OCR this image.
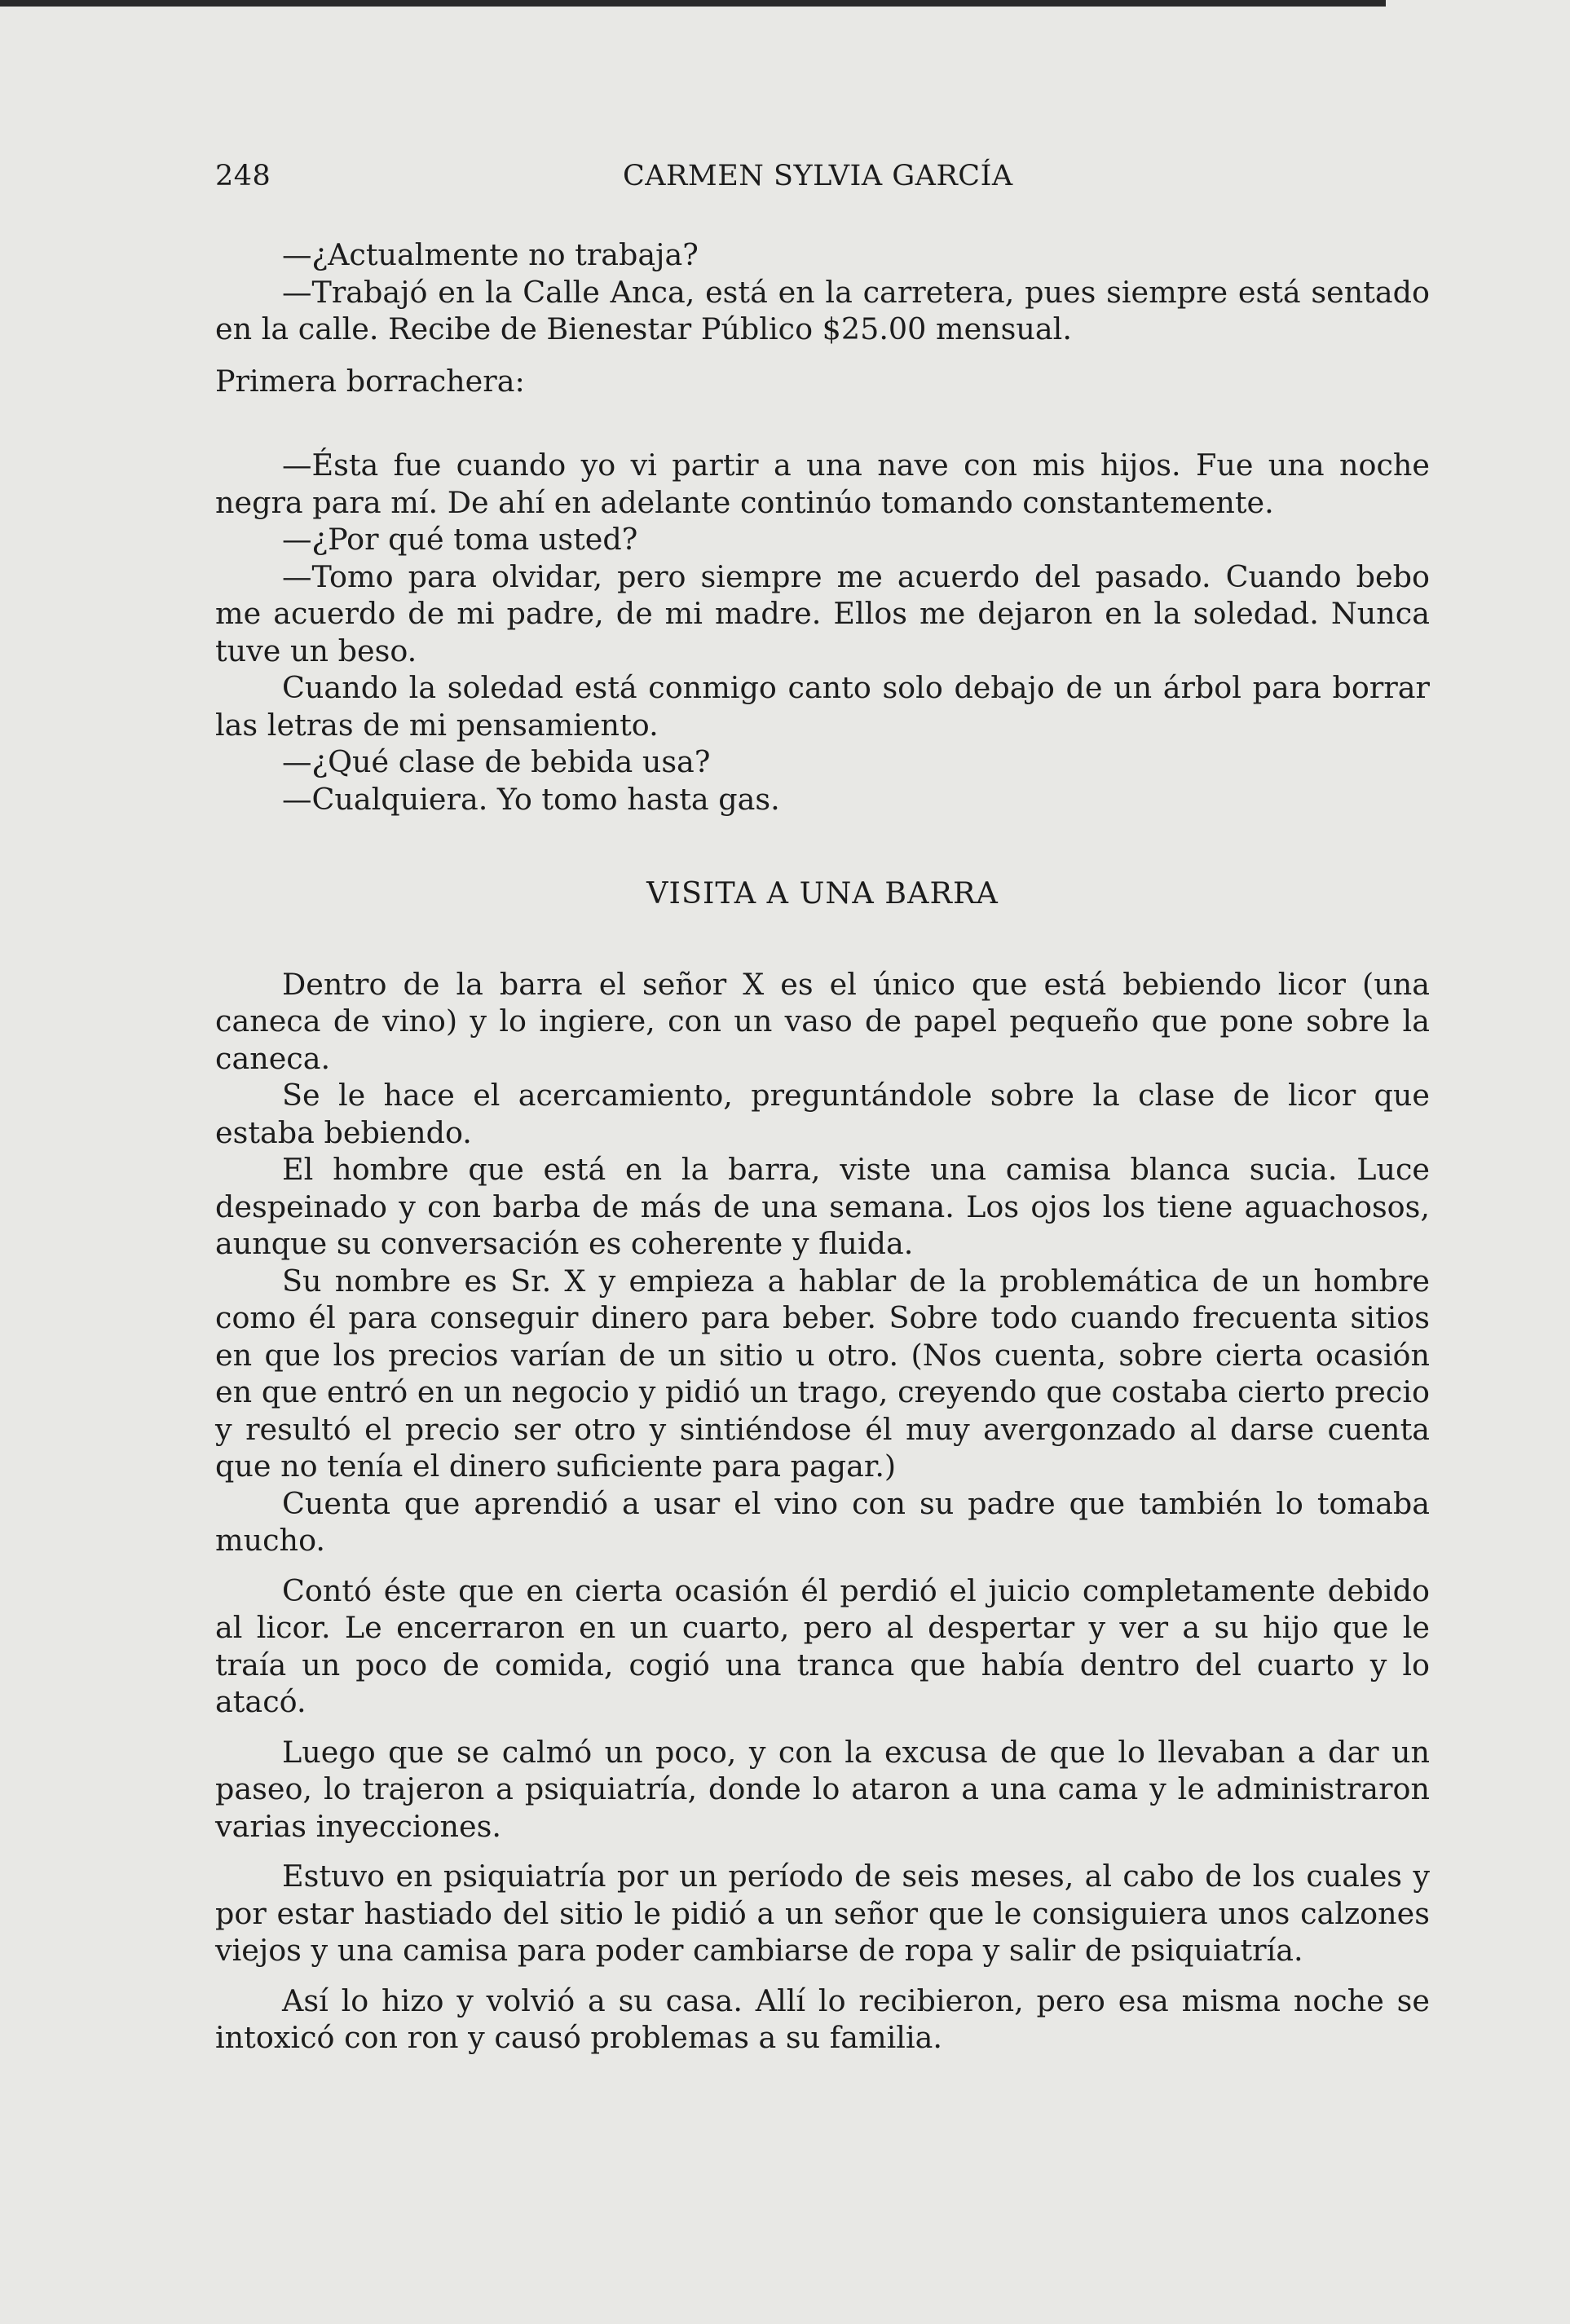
248	CARMEN SYLVIA GARCÍA

—¿Actualmente no trabaja?

—Trabajó en la Calle Anca, está en la carretera, pues siempre está sentado en la calle. Recibe de Bienestar Público $25.00 mensual.

Primera borrachera:

—Ésta fue cuando yo vi partir a una nave con mis hijos. Fue una noche negra para mí. De ahí en adelante continúo tomando constantemente.

—¿Por qué toma usted?

—Tomo para olvidar, pero siempre me acuerdo del pasado. Cuando bebo me acuerdo de mi padre, de mi madre. Ellos me dejaron en la soledad. Nunca tuve un beso.

Cuando la soledad está conmigo canto solo debajo de un árbol para borrar las letras de mi pensamiento.

—¿Qué clase de bebida usa?

—Cualquiera. Yo tomo hasta gas.

VISITA A UNA BARRA

Dentro de la barra el señor X es el único que está bebiendo licor (una caneca de vino) y lo ingiere, con un vaso de papel pequeño que pone sobre la caneca.

Se le hace el acercamiento, preguntándole sobre la clase de licor que estaba bebiendo.

El hombre que está en la barra, viste una camisa blanca sucia. Luce despeinado y con barba de más de una semana. Los ojos los tiene aguachosos, aunque su conversación es coherente y fluida.

Su nombre es Sr. X y empieza a hablar de la problemática de un hombre como él para conseguir dinero para beber. Sobre todo cuando frecuenta sitios en que los precios varían de un sitio u otro. (Nos cuenta, sobre cierta ocasión en que entró en un negocio y pidió un trago, creyendo que costaba cierto precio y resultó el precio ser otro y sintiéndose él muy avergonzado al darse cuenta que no tenía el dinero suficiente para pagar.)

Cuenta que aprendió a usar el vino con su padre que también lo tomaba mucho.

Contó éste que en cierta ocasión él perdió el juicio completamente debido al licor. Le encerraron en un cuarto, pero al despertar y ver a su hijo que le traía un poco de comida, cogió una tranca que había dentro del cuarto y lo atacó.

Luego que se calmó un poco, y con la excusa de que lo llevaban a dar un paseo, lo trajeron a psiquiatría, donde lo ataron a una cama y le administraron varias inyecciones.

Estuvo en psiquiatría por un período de seis meses, al cabo de los cuales y por estar hastiado del sitio le pidió a un señor que le consiguiera unos calzones viejos y una camisa para poder cambiarse de ropa y salir de psiquiatría.

Así lo hizo y volvió a su casa. Allí lo recibieron, pero esa misma noche se intoxicó con ron y causó problemas a su familia.
